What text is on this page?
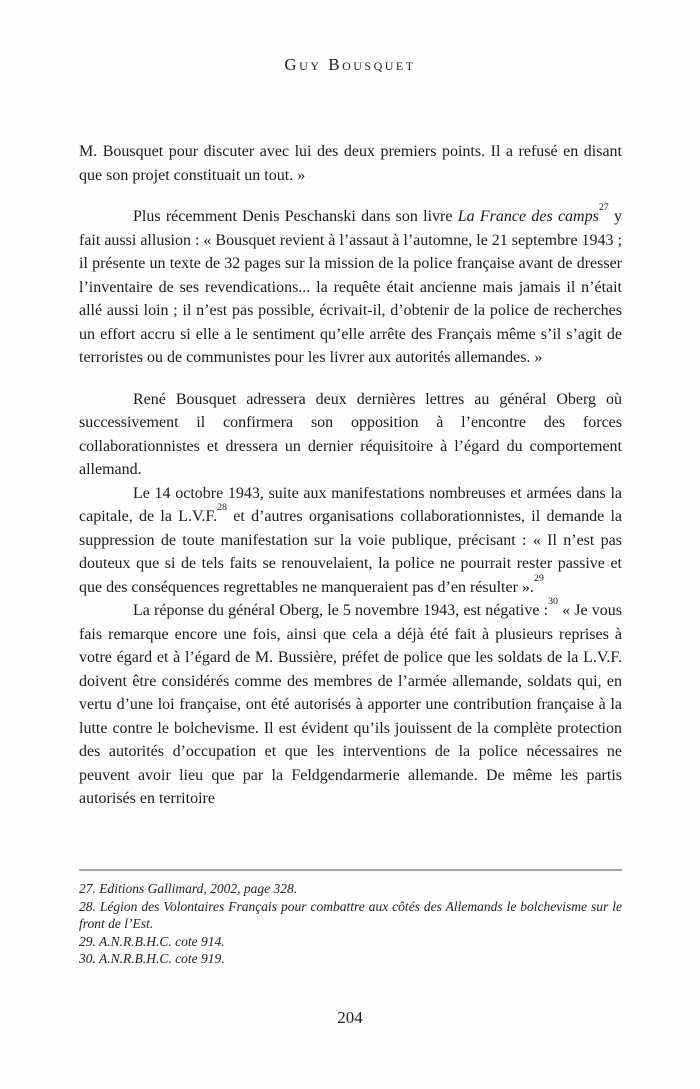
Guy Bousquet

M. Bousquet pour discuter avec lui des deux premiers points. Il a refusé en disant que son projet constituait un tout. »

Plus récemment Denis Peschanski dans son livre La France des camps$^{27}$ y fait aussi allusion : « Bousquet revient à l’assaut à l’automne, le 21 septembre 1943 ; il présente un texte de 32 pages sur la mission de la police française avant de dresser l’inventaire de ses revendications... la requête était ancienne mais jamais il n’était allé aussi loin ; il n’est pas possible, écrivait-il, d’obtenir de la police de recherches un effort accru si elle a le sentiment qu’elle arrête des Français même s’il s’agit de terroristes ou de communistes pour les livrer aux autorités allemandes. »

René Bousquet adressera deux dernières lettres au général Oberg où successivement il confirmera son opposition à l’encontre des forces collaborationnistes et dressera un dernier réquisitoire à l’égard du comportement allemand.

Le 14 octobre 1943, suite aux manifestations nombreuses et armées dans la capitale, de la L.V.F.$^{28}$ et d’autres organisations collaborationnistes, il demande la suppression de toute manifestation sur la voie publique, précisant : « Il n’est pas douteux que si de tels faits se renouvelaient, la police ne pourrait rester passive et que des conséquences regrettables ne manqueraient pas d’en résulter ».$^{29}$

La réponse du général Oberg, le 5 novembre 1943, est négative :$^{30}$ « Je vous fais remarque encore une fois, ainsi que cela a déjà été fait à plusieurs reprises à votre égard et à l’égard de M. Bussière, préfet de police que les soldats de la L.V.F. doivent être considérés comme des membres de l’armée allemande, soldats qui, en vertu d’une loi française, ont été autorisés à apporter une contribution française à la lutte contre le bolchevisme. Il est évident qu’ils jouissent de la complète protection des autorités d’occupation et que les interventions de la police nécessaires ne peuvent avoir lieu que par la Feldgendarmerie allemande. De même les partis autorisés en territoire

27. Editions Gallimard, 2002, page 328.

28. Légion des Volontaires Français pour combattre aux côtés des Allemands le bolchevisme sur le front de l’Est.

29. A.N.R.B.H.C. cote 914.

30. A.N.R.B.H.C. cote 919.

204
